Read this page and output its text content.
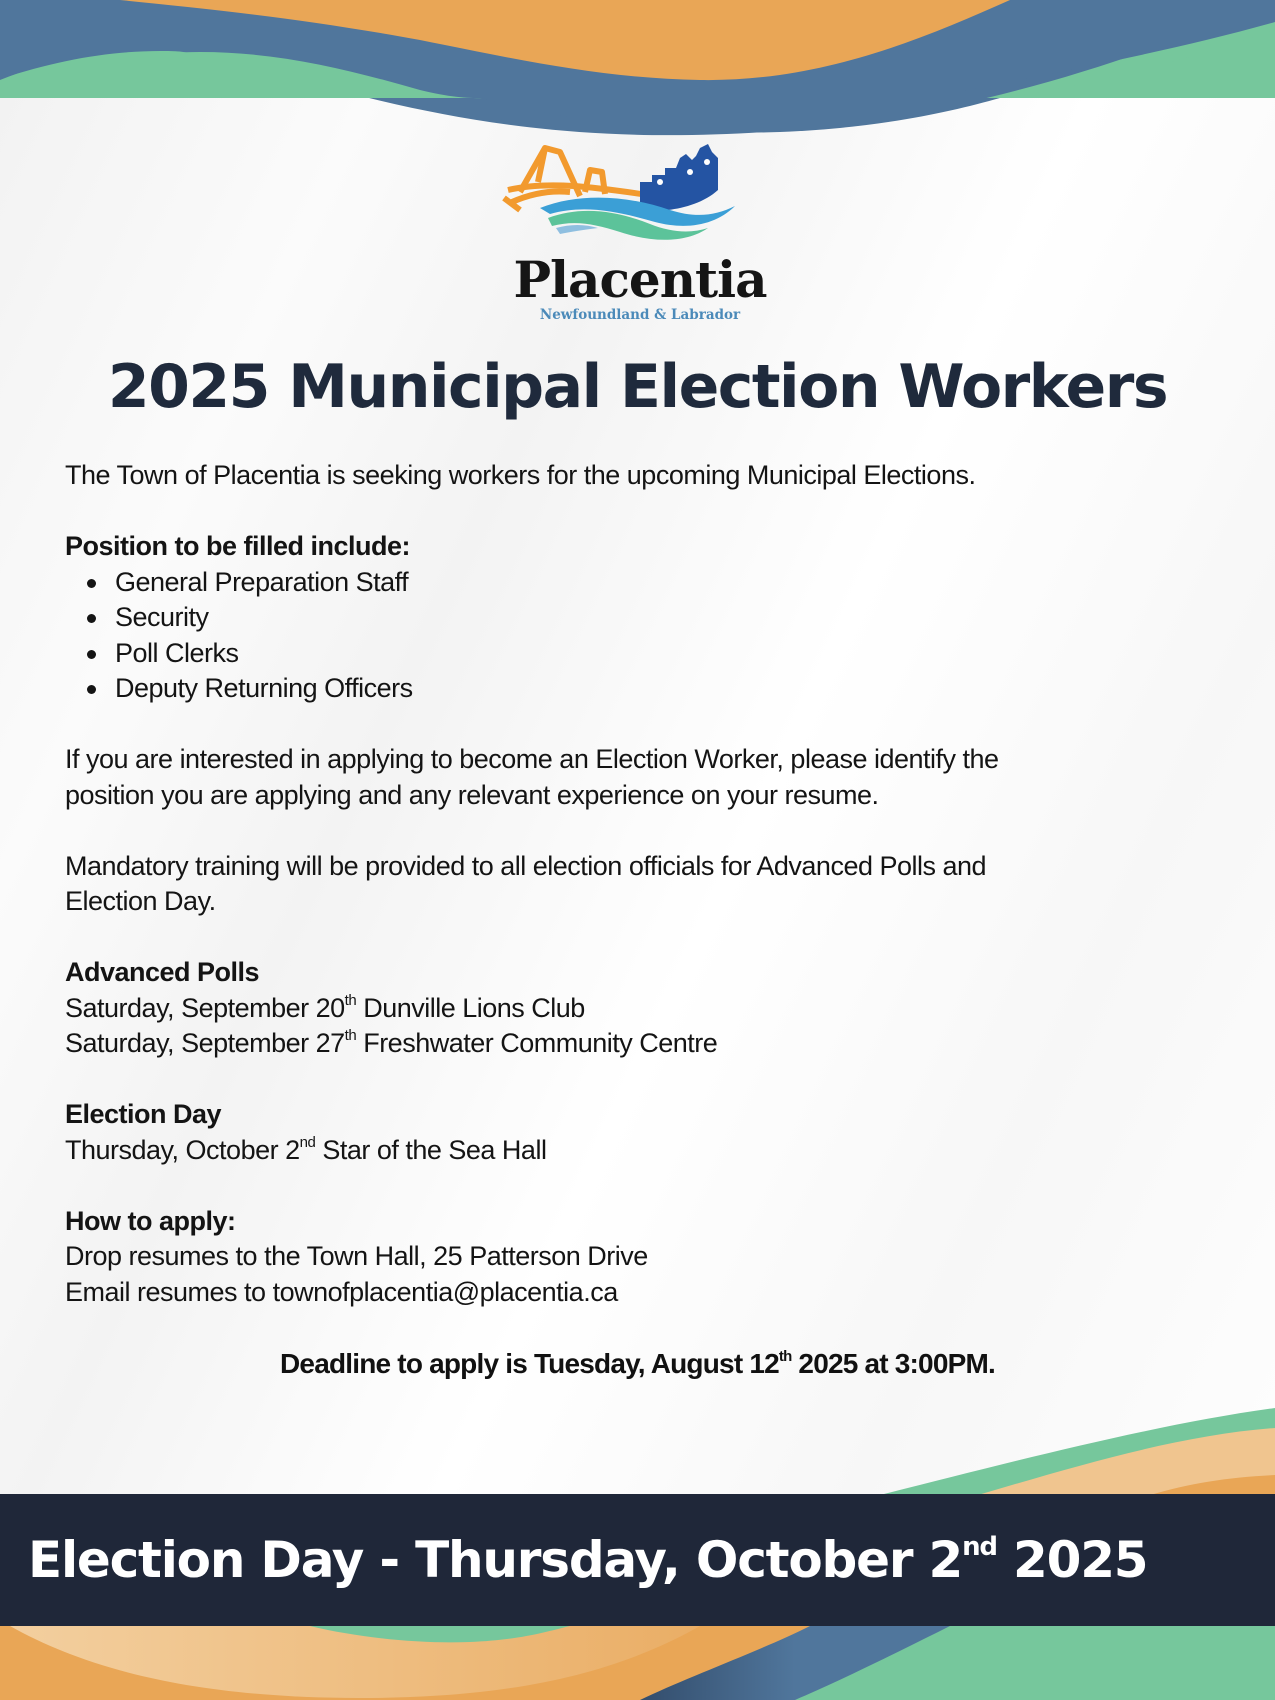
Placentia
Newfoundland & Labrador
2025 Municipal Election Workers

The Town of Placentia is seeking workers for the upcoming Municipal Elections.

Position to be filled include:

General Preparation Staff
Security
Poll Clerks
Deputy Returning Officers

If you are interested in applying to become an Election Worker, please identify the

position you are applying and any relevant experience on your resume.

Mandatory training will be provided to all election officials for Advanced Polls and

Election Day.

Advanced Polls

Saturday, September 20th Dunville Lions Club

Saturday, September 27th Freshwater Community Centre

Election Day

Thursday, October 2nd Star of the Sea Hall

How to apply:

Drop resumes to the Town Hall, 25 Patterson Drive

Email resumes to townofplacentia@placentia.ca

Deadline to apply is Tuesday, August 12th 2025 at 3:00PM.
Election Day - Thursday, October 2nd 2025
